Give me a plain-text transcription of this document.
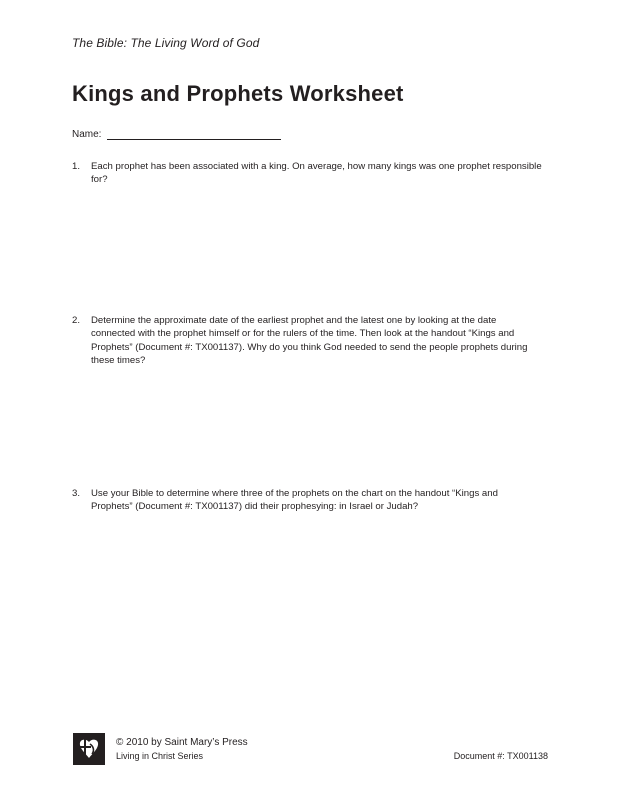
The Bible: The Living Word of God
Kings and Prophets Worksheet
Name:
1.	Each prophet has been associated with a king. On average, how many kings was one prophet responsible for?
2.	Determine the approximate date of the earliest prophet and the latest one by looking at the date connected with the prophet himself or for the rulers of the time. Then look at the handout “Kings and Prophets” (Document #: TX001137). Why do you think God needed to send the people prophets during these times?
3.	Use your Bible to determine where three of the prophets on the chart on the handout “Kings and Prophets” (Document #: TX001137) did their prophesying: in Israel or Judah?
© 2010 by Saint Mary’s Press
Living in Christ Series	Document #: TX001138
